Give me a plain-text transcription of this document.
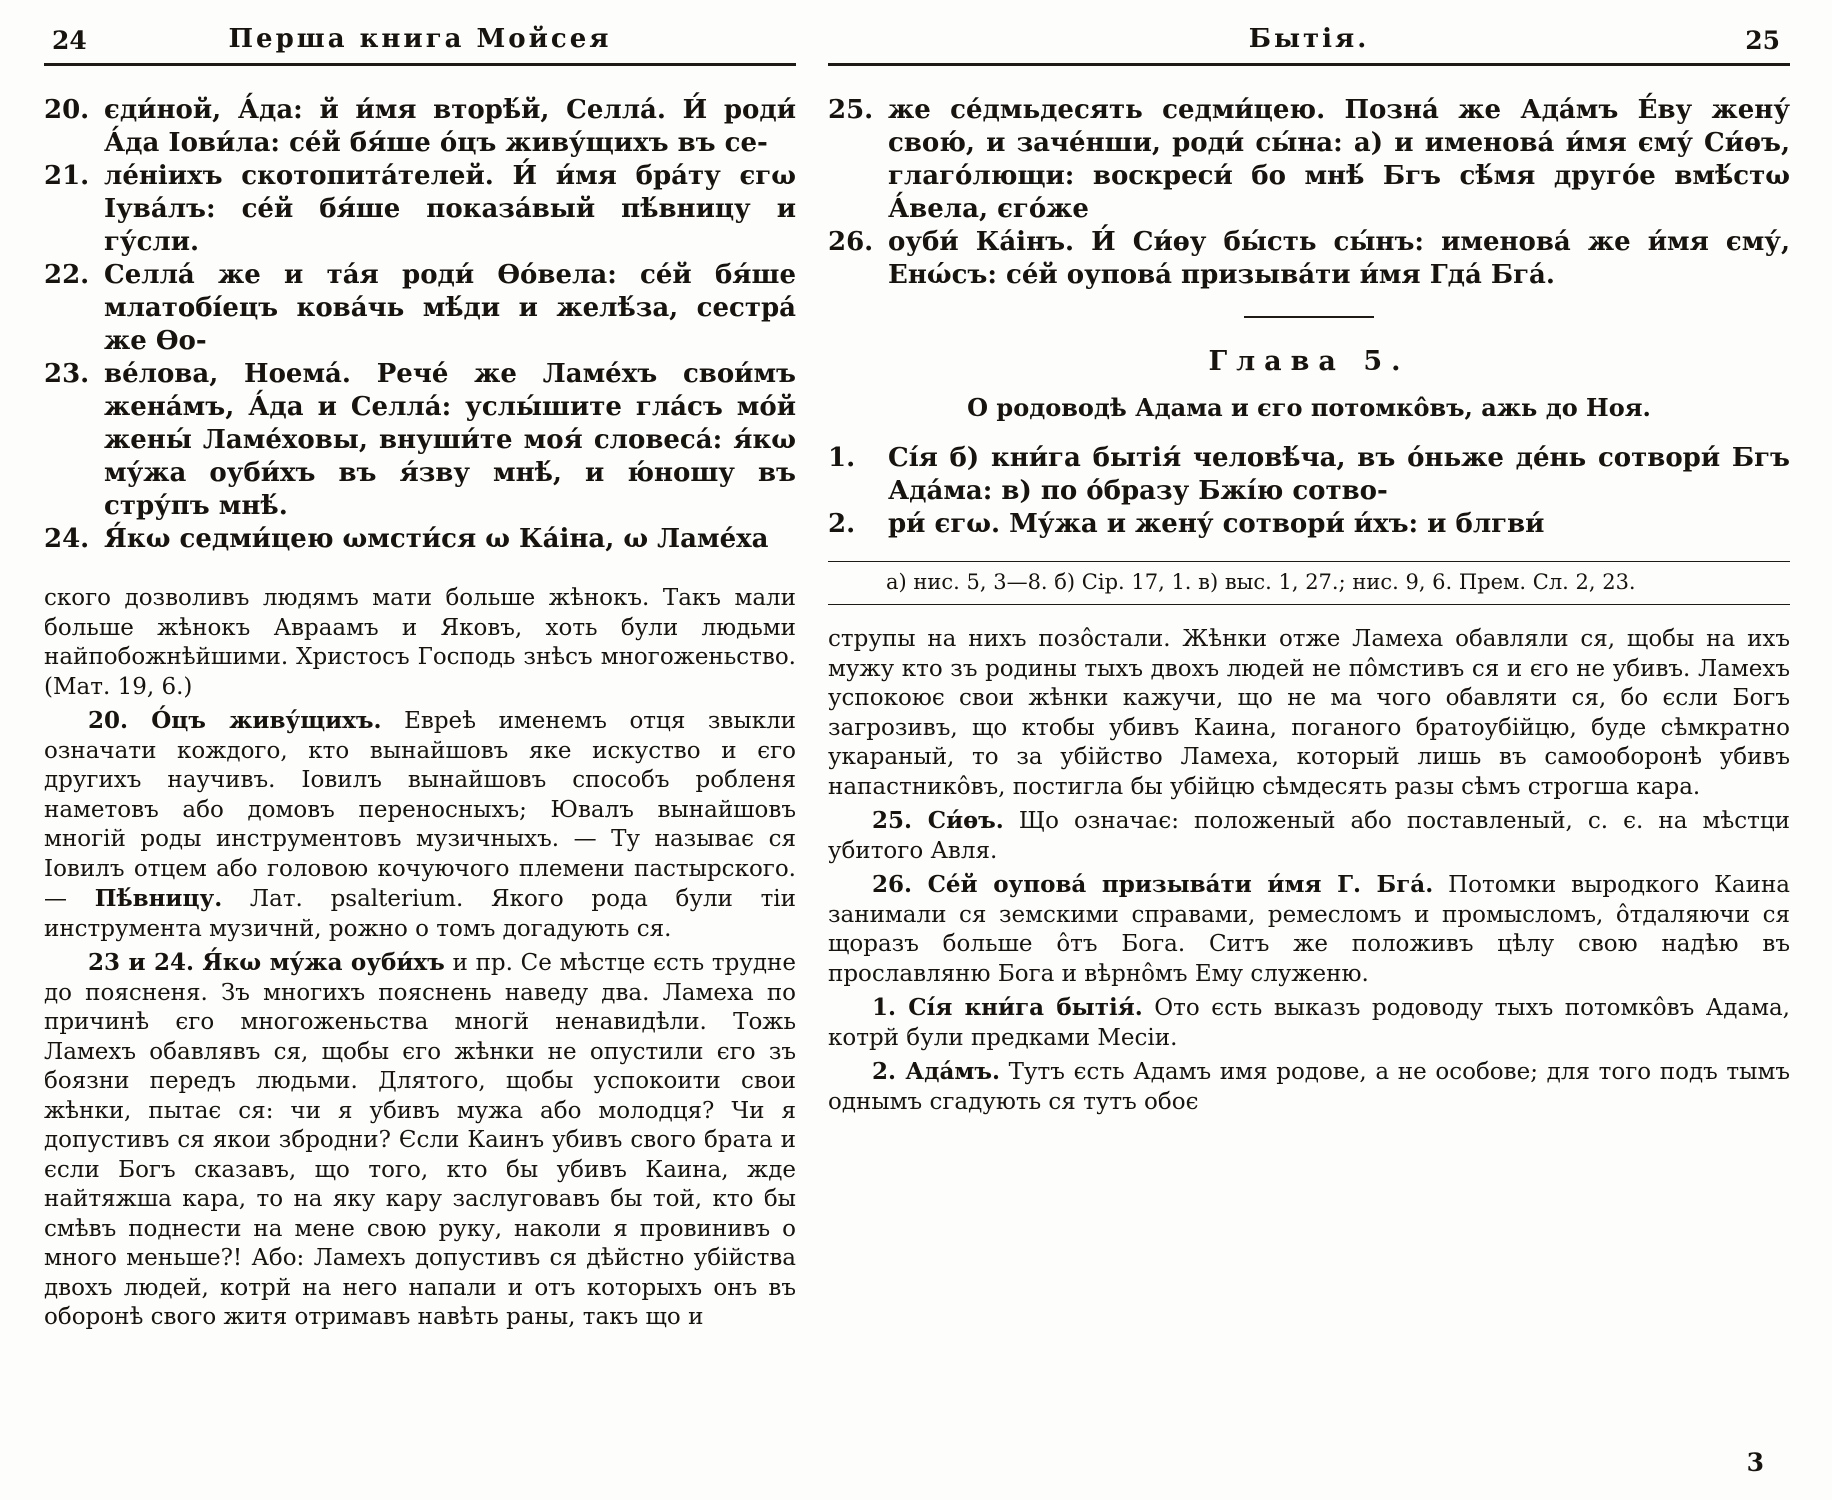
24	Перша книга Мойсея
20. єди́ной, А́да: й и́мя вторѣ́й, Селла́. И́ роди́ А́да Іови́ла: се́й бя́ше о́цъ живу́щихъ въ се-
21. ле́ніихъ скотопита́телей. И́ и́мя бра́ту єгω Іува́лъ: се́й бя́ше показа́вый пѣ́вницу и гу́сли.
22. Селла́ же и та́я роди́ Ѳо́вела: се́й бя́ше млатобі́ецъ кова́чь мѣ́ди и желѣ́за, сестра́ же Ѳо-
23. ве́лова, Ноема́. Рече́ же Ламе́хъ свои́мъ жена́мъ, А́да и Селла́: услы́шите гла́съ мо́й жены́ Ламе́ховы, внуши́те моя́ словеса́: я́кω му́жа оуби́хъ въ я́зву мнѣ́, и ю́ношу въ стру́пъ мнѣ́.
24. Я́кω седми́цею ωмсти́ся ω Ка́іна, ω Ламе́ха

ского дозволивъ людямъ мати больше жѣнокъ. Такъ мали больше жѣнокъ Авраамъ и Яковъ, хоть були людьми найпобожнѣйшими. Христосъ Господь знѣсъ многоженьство. (Мат. 19, 6.)

20. О́цъ живу́щихъ. Евреѣ именемъ отця звыкли означати кождого, кто вынайшовъ яке искуство и єго другихъ научивъ. Іовилъ вынайшовъ способъ робленя наметовъ або домовъ переносныхъ; Ювалъ вынайшовъ многій роды инструментовъ музичныхъ. — Ту называє ся Іовилъ отцем або головою кочуючого племени пастырского. — Пѣ́вницу. Лат. psalterium. Якого рода були тіи инструмента музичнй, рожно о томъ догадують ся.

23 и 24. Я́кω му́жа оуби́хъ и пр. Се мѣстце єсть трудне до поясненя. Зъ многихъ пояснень наведу два. Ламеха по причинѣ єго многоженьства многй ненавидѣли. Тожь Ламехъ обавлявъ ся, щобы єго жѣнки не опустили єго зъ боязни передъ людьми. Длятого, щобы успокоити свои жѣнки, пытає ся: чи я убивъ мужа або молодця? Чи я допустивъ ся якои збродни? Єсли Каинъ убивъ свого брата и єсли Богъ сказавъ, що того, кто бы убивъ Каина, жде найтяжша кара, то на яку кару заслуговавъ бы той, кто бы смѣвъ поднести на мене свою руку, наколи я провинивъ о много меньше?! Або: Ламехъ допустивъ ся дѣйстно убійства двохъ людей, котрй на него напали и отъ которыхъ онъ въ оборонѣ свого житя отримавъ навѣть раны, такъ що и

Бытія.	25
25. же се́дмьдесять седми́цею. Позна́ же Ада́мъ Е́ву жену́ свою́, и заче́нши, роди́ сы́на: а) и именова́ и́мя єму́ Си́ѳъ, глаго́лющи: воскреси́ бо мнѣ́ Бгъ сѣ́мя друго́е вмѣ́стω А́вела, єго́же
26. оуби́ Ка́інъ. И́ Си́ѳу бы́сть сы́нъ: именова́ же и́мя єму́, Енώсъ: се́й оупова́ призыва́ти и́мя Гда́ Бга́.
Глава 5.
О родоводѣ Адама и єго потомко̂въ, ажь до Ноя.
1.	Сі́я б) кни́га бытія́ человѣ́ча, въ о́ньже де́нь сотвори́ Бгъ Ада́ма: в) по о́бразу Бжі́ю сотво-
2.	ри́ єгω. Му́жа и жену́ сотвори́ и́хъ: и блгви́
а) нис. 5, 3—8. б) Сір. 17, 1. в) выс. 1, 27.; нис. 9, 6. Прем. Сл. 2, 23.

струпы на нихъ позо̂стали. Жѣнки отже Ламеха обавляли ся, щобы на ихъ мужу кто зъ родины тыхъ двохъ людей не по̂мстивъ ся и єго не убивъ. Ламехъ успокоює свои жѣнки кажучи, що не ма чого обавляти ся, бо єсли Богъ загрозивъ, що ктобы убивъ Каина, поганого братоубійцю, буде сѣмкратно укараный, то за убійство Ламеха, который лишь въ самооборонѣ убивъ напастнико̂въ, постигла бы убійцю сѣмдесять разы сѣмъ строгша кара.

25. Си́ѳъ. Що означає: положеный або поставленый, с. є. на мѣстци убитого Авля.

26. Се́й оупова́ призыва́ти и́мя Г. Бга́. Потомки выродкого Каина занимали ся земскими справами, ремесломъ и промысломъ, о̂тдаляючи ся щоразъ больше о̂тъ Бога. Ситъ же положивъ цѣлу свою надѣю въ прославляню Бога и вѣрно̂мъ Ему служеню.

1. Сі́я кни́га бытія́. Ото єсть выказъ родоводу тыхъ потомко̂въ Адама, котрй були предками Месіи.

2. Ада́мъ. Тутъ єсть Адамъ имя родове, а не особове; для того подъ тымъ однымъ сгадують ся тутъ обоє

3
